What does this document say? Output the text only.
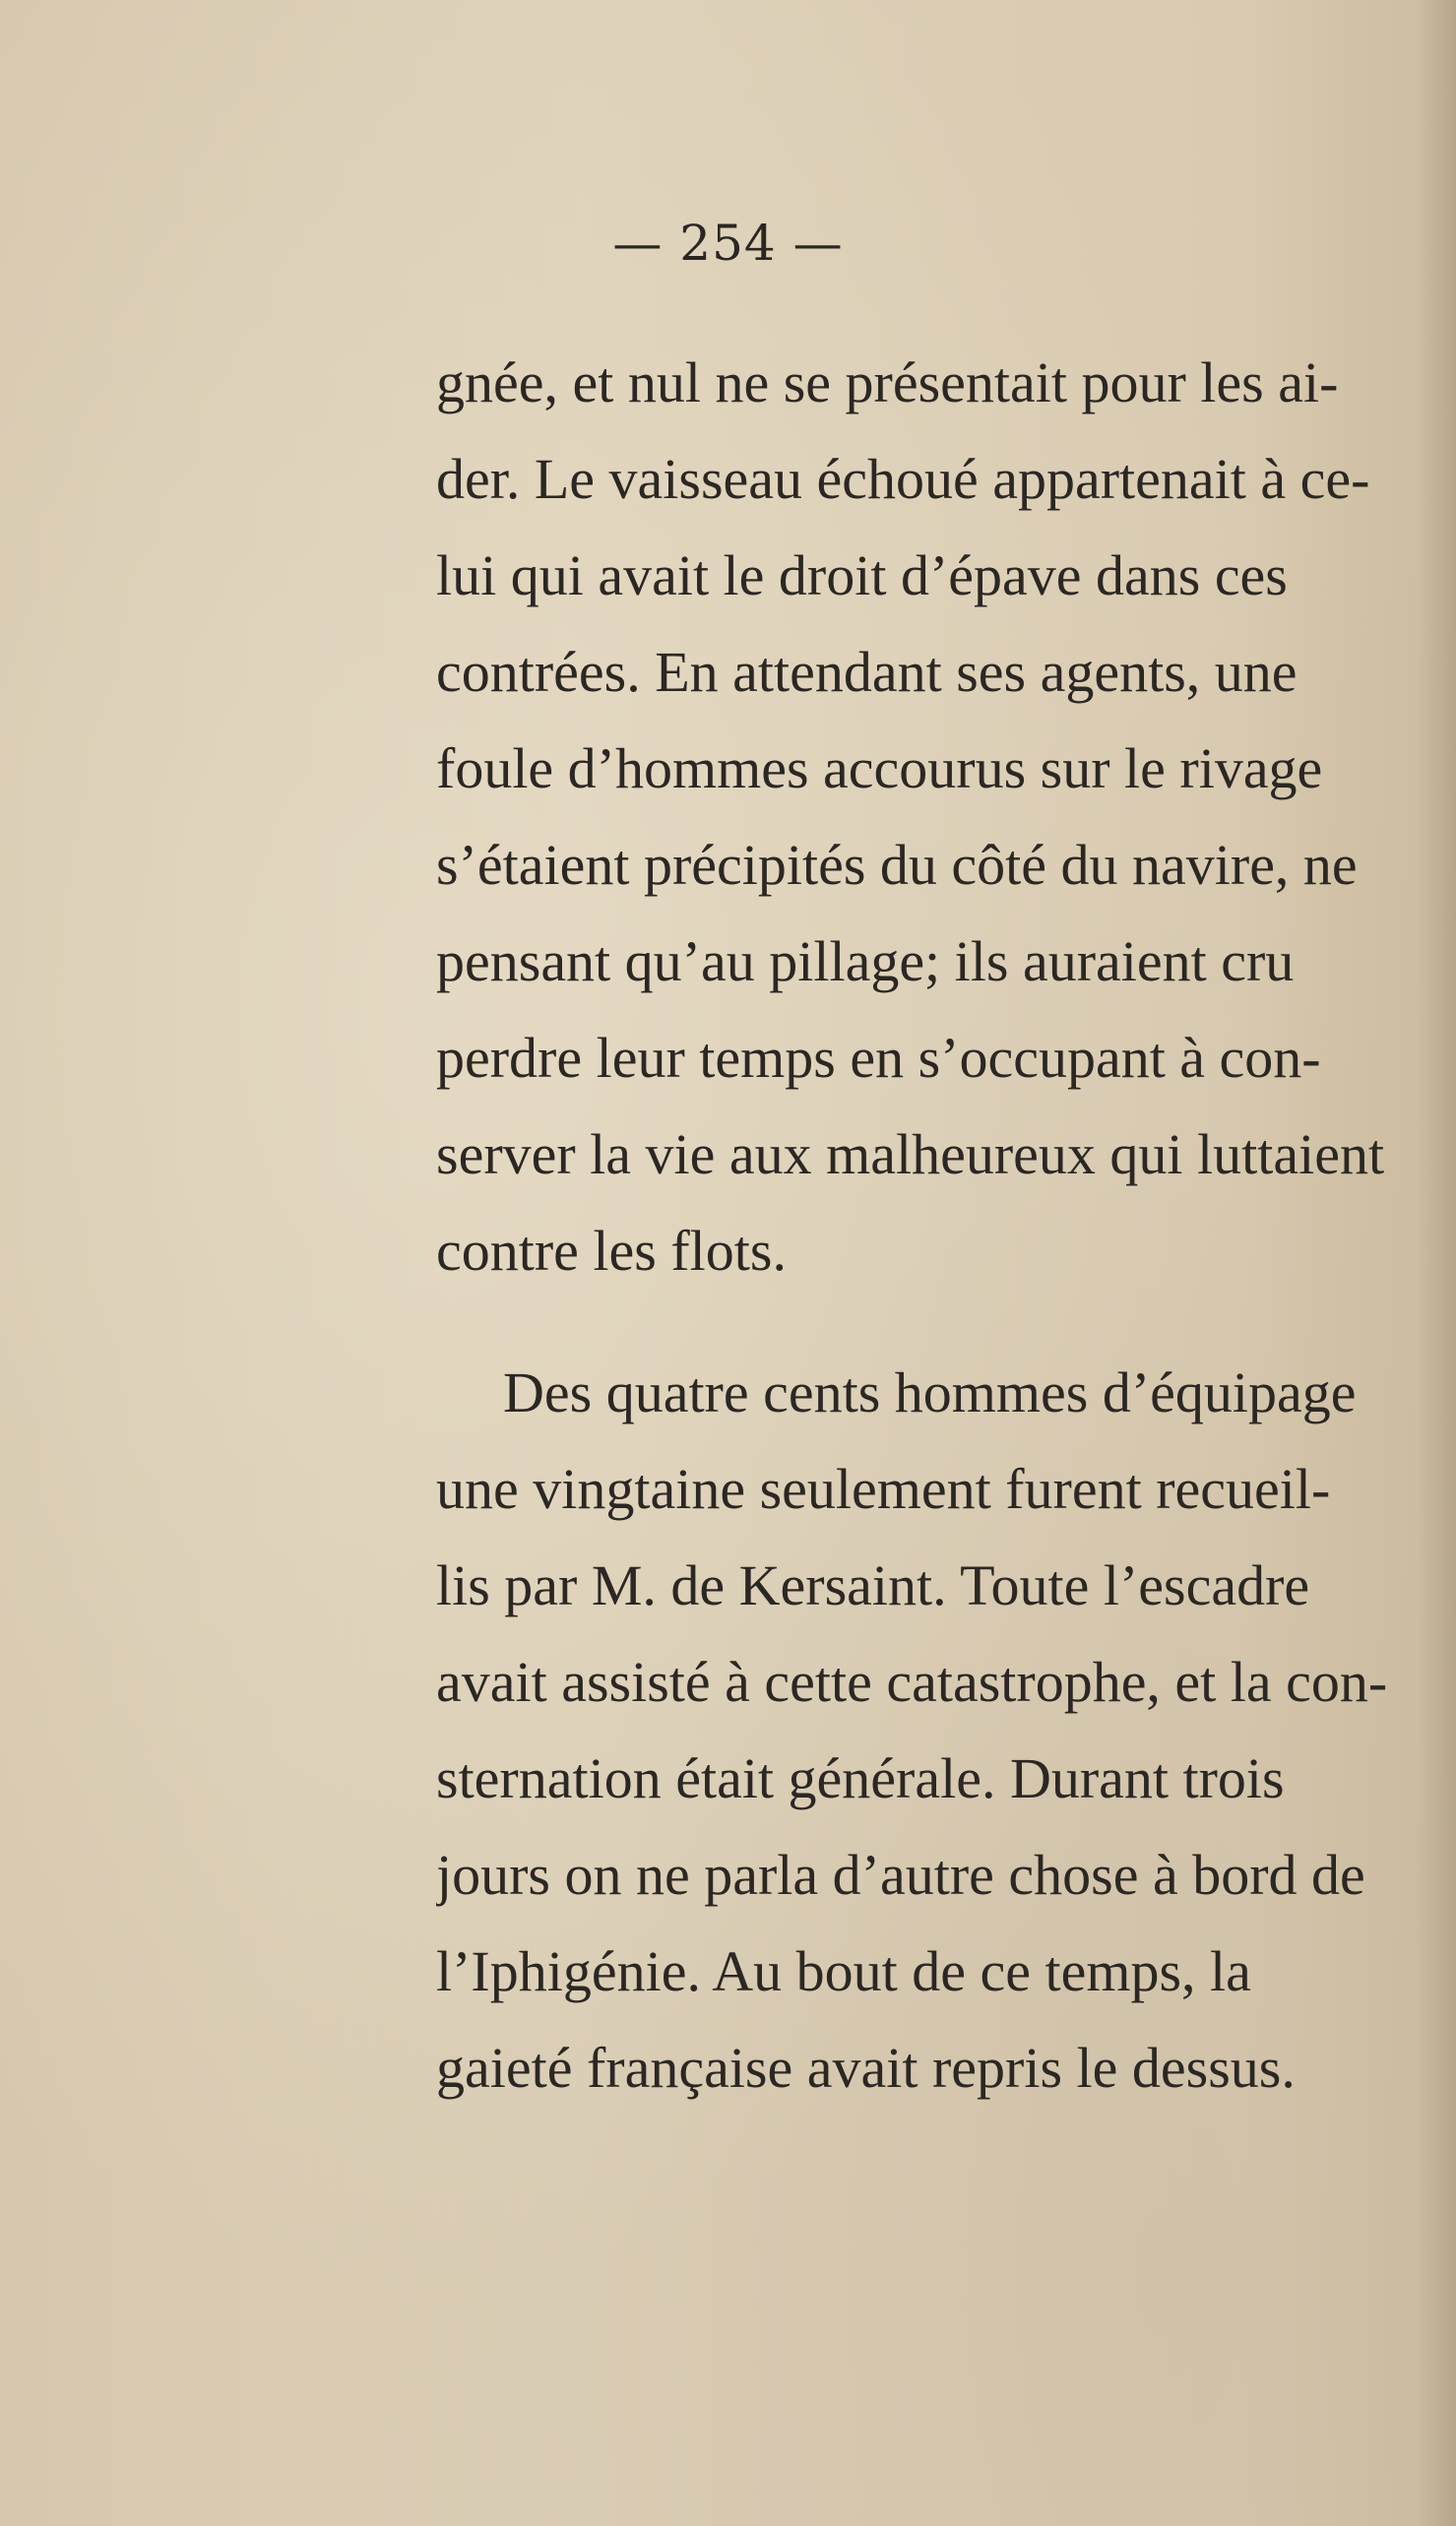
— 254 —
gnée, et nul ne se présentait pour les ai-
der. Le vaisseau échoué appartenait à ce-
lui qui avait le droit d’épave dans ces
contrées. En attendant ses agents, une
foule d’hommes accourus sur le rivage
s’étaient précipités du côté du navire, ne
pensant qu’au pillage; ils auraient cru
perdre leur temps en s’occupant à con-
server la vie aux malheureux qui luttaient
contre les flots.
Des quatre cents hommes d’équipage
une vingtaine seulement furent recueil-
lis par M. de Kersaint. Toute l’escadre
avait assisté à cette catastrophe, et la con-
sternation était générale. Durant trois
jours on ne parla d’autre chose à bord de
l’Iphigénie. Au bout de ce temps, la
gaieté française avait repris le dessus.
